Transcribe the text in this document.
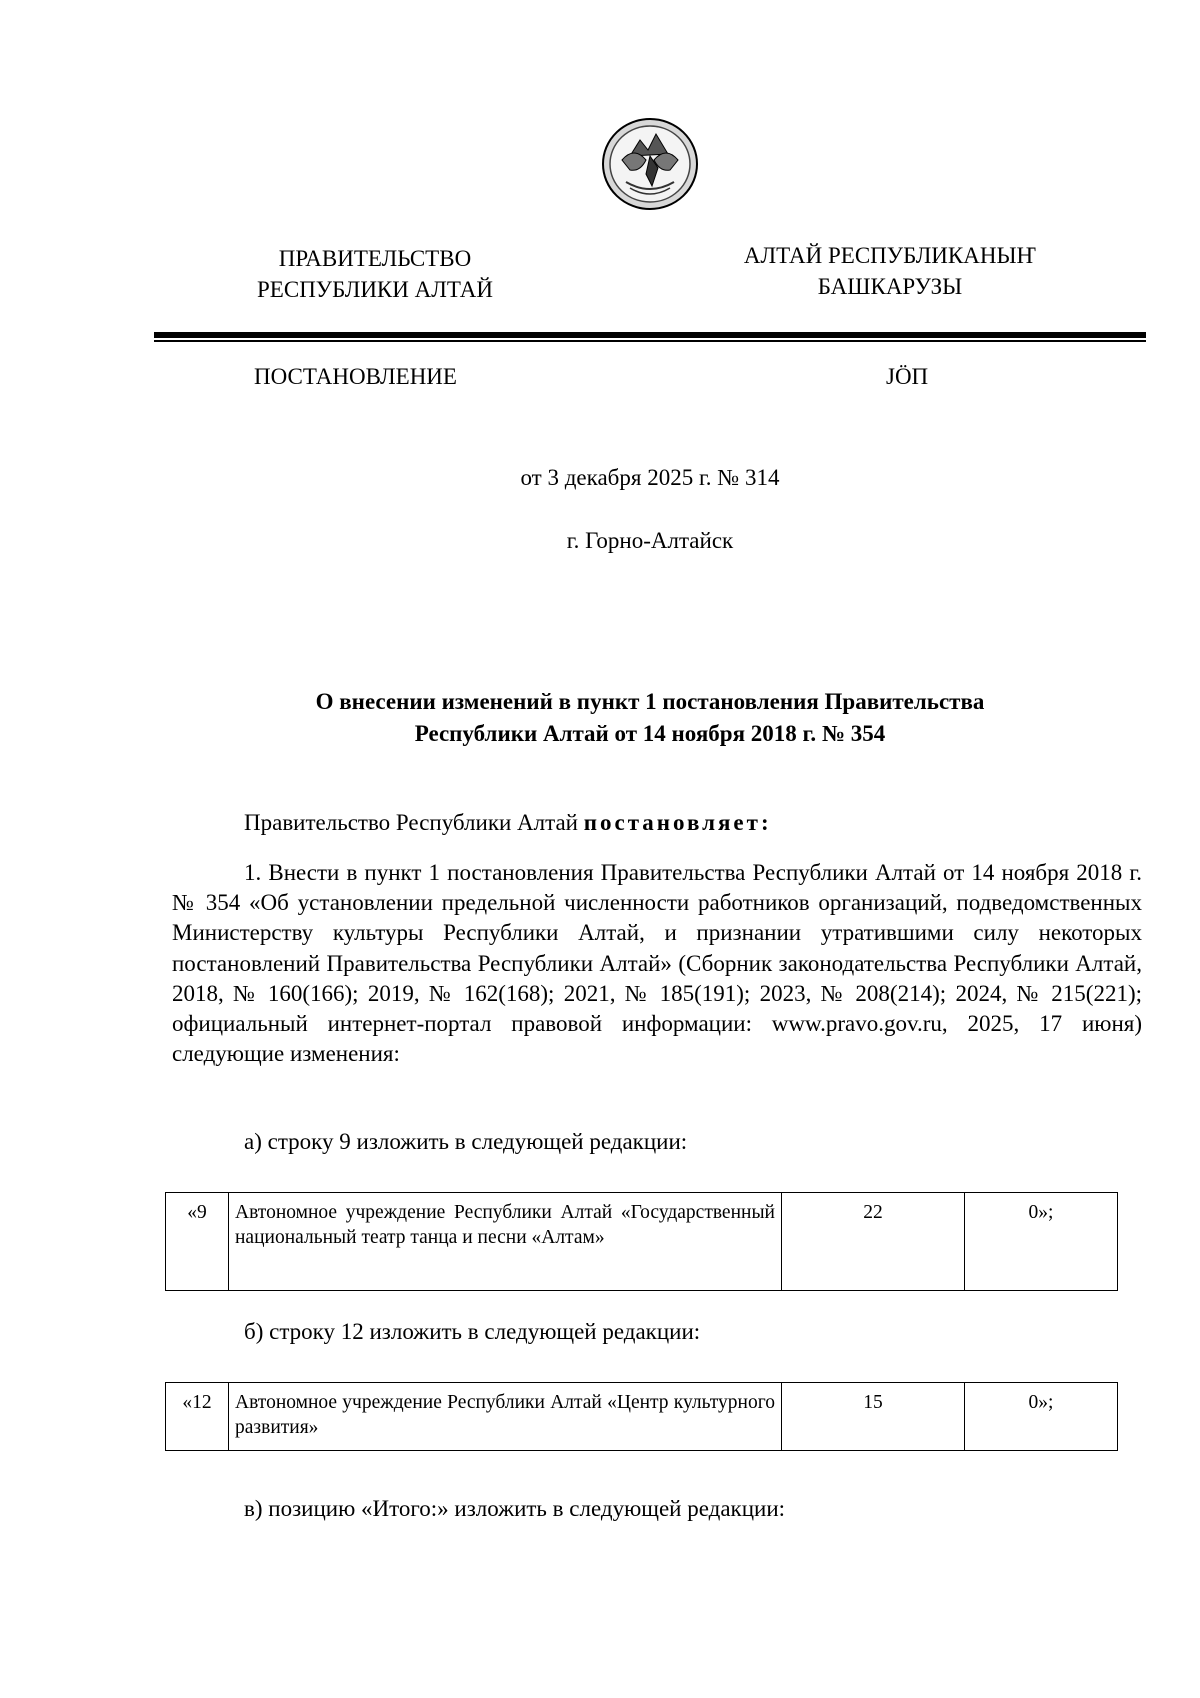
ПРАВИТЕЛЬСТВО
РЕСПУБЛИКИ АЛТАЙ
АЛТАЙ РЕСПУБЛИКАНЫҤ
БАШКАРУЗЫ
ПОСТАНОВЛЕНИЕ	JÖП
от 3 декабря 2025 г. № 314
г. Горно-Алтайск
О внесении изменений в пункт 1 постановления Правительства
Республики Алтай от 14 ноября 2018 г. № 354
Правительство Республики Алтай постановляет:
1. Внести в пункт 1 постановления Правительства Республики Алтай от 14 ноября 2018 г. № 354 «Об установлении предельной численности работников организаций, подведомственных Министерству культуры Республики Алтай, и признании утратившими силу некоторых постановлений Правительства Республики Алтай» (Сборник законодательства Республики Алтай, 2018, № 160(166); 2019, № 162(168); 2021, № 185(191); 2023, № 208(214); 2024, № 215(221); официальный интернет-портал правовой информации: www.pravo.gov.ru, 2025, 17 июня) следующие изменения:
а) строку 9 изложить в следующей редакции:
«9	Автономное учреждение Республики Алтай «Государственный национальный театр танца и песни «Алтам»	22	0»;
б) строку 12 изложить в следующей редакции:
«12	Автономное учреждение Республики Алтай «Центр культурного развития»	15	0»;
в) позицию «Итого:» изложить в следующей редакции:
